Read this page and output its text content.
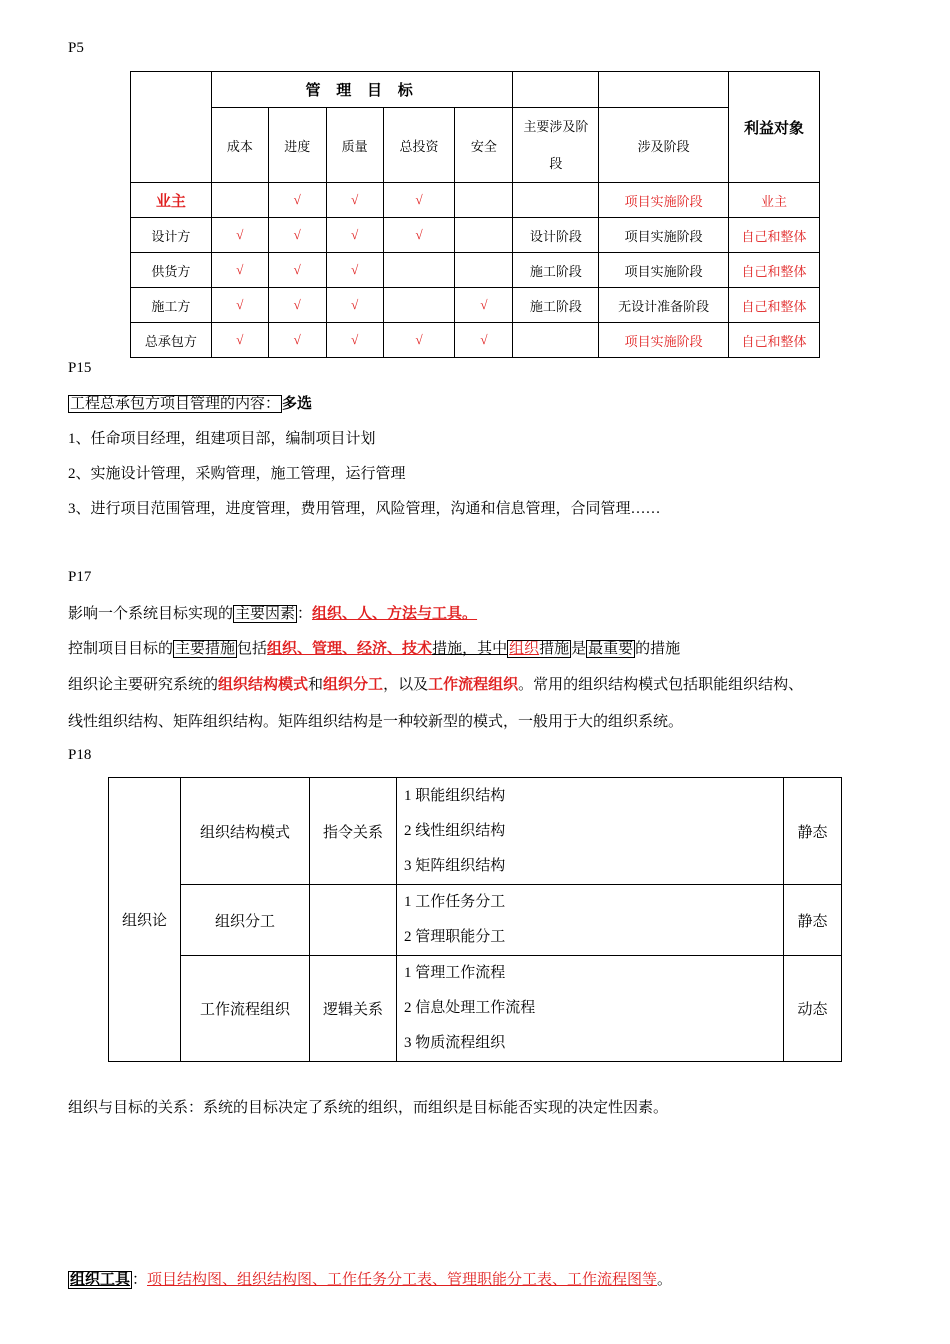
P5
	管 理 目 标							利益对象
	成本	进度	质量	总投资	安全	主要涉及阶段	涉及阶段	
业主		√	√	√			项目实施阶段	业主
设计方	√	√	√	√		设计阶段	项目实施阶段	自己和整体
供货方	√	√	√			施工阶段	项目实施阶段	自己和整体
施工方	√	√	√		√	施工阶段	无设计准备阶段	自己和整体
总承包方	√	√	√	√	√		项目实施阶段	自己和整体
P15
工程总承包方项目管理的内容： 多选
1、任命项目经理，组建项目部，编制项目计划
2、实施设计管理，采购管理，施工管理，运行管理
3、进行项目范围管理，进度管理，费用管理，风险管理，沟通和信息管理，合同管理……
P17
影响一个系统目标实现的 主要因素 ：组织、人、方法与工具。
控制项目目标的 主要措施 包括组织、管理、经济、技术措施，其中 组织措施 是 最重要 的措施
组织论主要研究系统的组织结构模式和组织分工，以及工作流程组织。常用的组织结构模式包括职能组织结构、
线性组织结构、矩阵组织结构。矩阵组织结构是一种较新型的模式，一般用于大的组织系统。
P18
组织论	组织结构模式	指令关系	1 职能组织结构
2 线性组织结构
3 矩阵组织结构	静态
	组织分工		1 工作任务分工
2 管理职能分工	静态
	工作流程组织	逻辑关系	1 管理工作流程
2 信息处理工作流程
3 物质流程组织	动态
组织与目标的关系：系统的目标决定了系统的组织，而组织是目标能否实现的决定性因素。
组织工具 ：项目结构图、组织结构图、工作任务分工表、管理职能分工表、工作流程图等。
